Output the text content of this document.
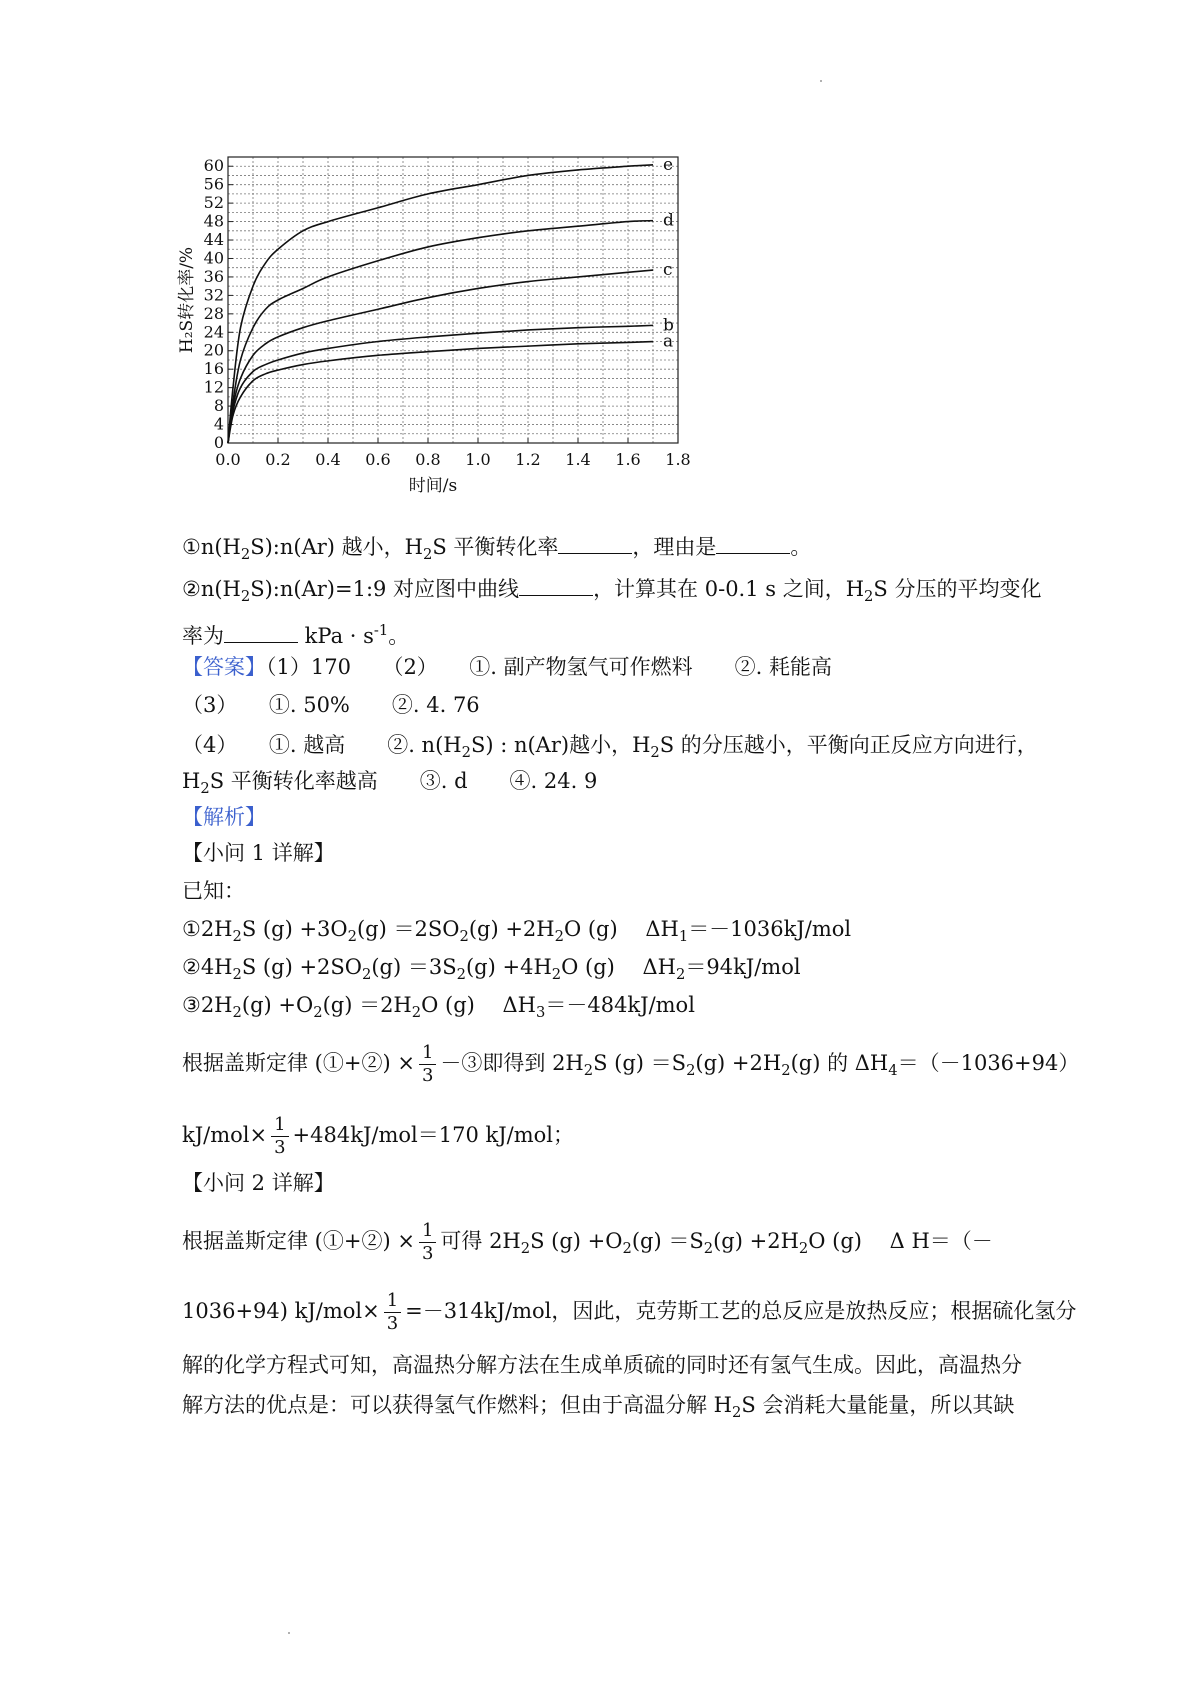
0
4
8
12
16
20
24
28
32
36
40
44
48
52
56
60
0.0 0.2 0.4 0.6 0.8 1.0 1.2 1.4 1.6 1.8
时间/s
H₂S转化率/%	a
b
c
d
e
$①n(H_2S):n(Ar)$ 越小，$H_2S$ 平衡转化率	，理由是	。
$②n(H_2S):n(Ar)=1:9$ 对应图中曲线	，计算其在 0-0.1 s 之间，$H_2S$ 分压的平均变化
率为	kPa · $s^{-1}$。
【答案】（1）170　　（2）　　①. 副产物氢气可作燃料　　②. 耗能高
（3）　　①. 50%　　②. 4. 76
（4）　　①. 越高　　②. $n(H_2S)$ : n(Ar)越小，$H_2S$ 的分压越小，平衡向正反应方向进行，
$H_2S$ 平衡转化率越高　　③. d　　④. 24. 9
【解析】
【小问 1 详解】
已知：
$①2H_2S$ $(g) +3O_2(g) =2SO_2(g) +2H_2O$ (g)　 $\Delta H_1=-1036kJ$/mol
$②4H_2S$ $(g) +2SO_2(g) =3S_2(g) +4H_2O$ (g)　 $\Delta H_2=94kJ$/mol
$③2H_2(g) +O_2(g) =2H_2O$ (g)　 $\Delta H_3=-484kJ$/mol
根据盖斯定律 (①+②) × $\frac{1}{3}$ －③即得到 $2H_2S$ $(g) =S_2(g) +2H_2(g)$ 的 $\Delta H_4=(-1036+94)$
$kJ/mol\times \frac{1}{3} +484kJ/mol=170$ kJ/mol；
【小问 2 详解】
根据盖斯定律 (①+②) × $\frac{1}{3}$ 可得 $2H_2S$ $(g) +O_2(g) =S_2(g) +2H_2O$ (g)　 Δ H＝（－
1036+94) $kJ/mol\times \frac{1}{3} =-314kJ/mol$，因此，克劳斯工艺的总反应是放热反应；根据硫化氢分
解的化学方程式可知，高温热分解方法在生成单质硫的同时还有氢气生成。因此，高温热分
解方法的优点是：可以获得氢气作燃料；但由于高温分解 $H_2S$ 会消耗大量能量，所以其缺
